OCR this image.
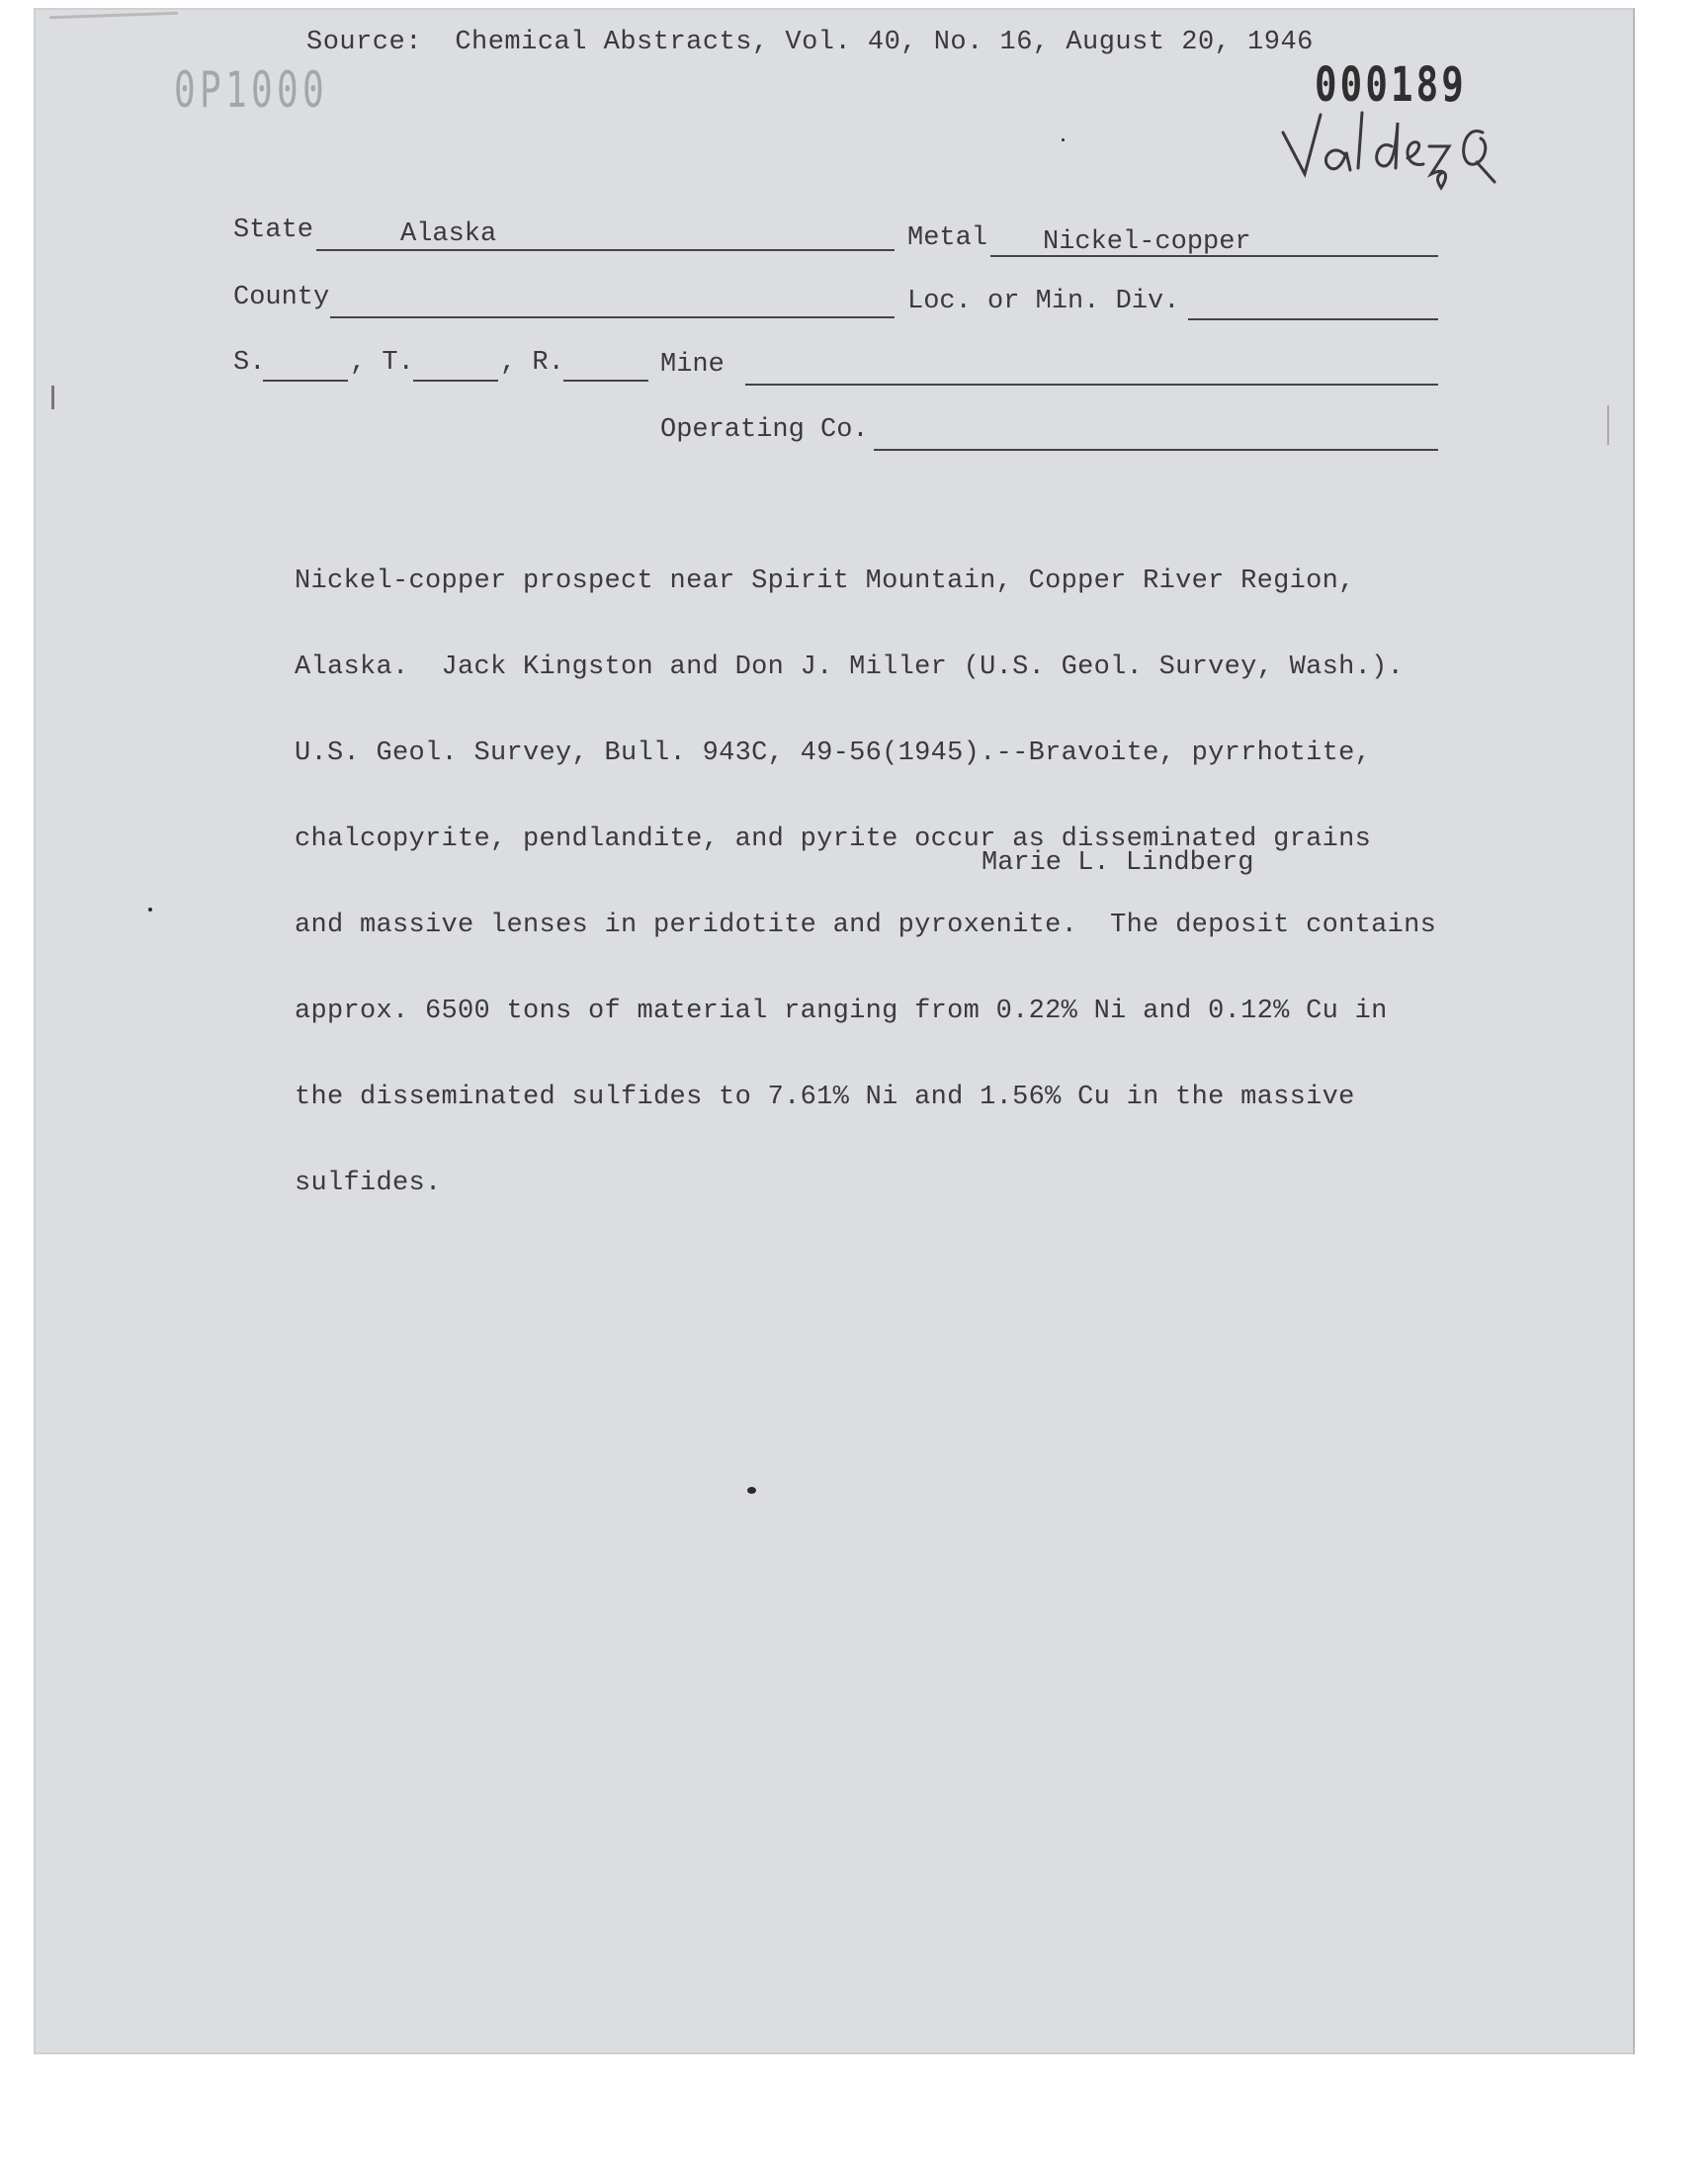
Source:  Chemical Abstracts, Vol. 40, No. 16, August 20, 1946
0P1000	000189
State	Alaska	Metal Nickel-copper
County	Loc. or Min. Div.
S.	, T.	, R.	Mine
Operating Co.

Nickel-copper prospect near Spirit Mountain, Copper River Region,

Alaska.  Jack Kingston and Don J. Miller (U.S. Geol. Survey, Wash.).

U.S. Geol. Survey, Bull. 943C, 49-56(1945).--Bravoite, pyrrhotite,

chalcopyrite, pendlandite, and pyrite occur as disseminated grains

and massive lenses in peridotite and pyroxenite.  The deposit contains

approx. 6500 tons of material ranging from 0.22% Ni and 0.12% Cu in

the disseminated sulfides to 7.61% Ni and 1.56% Cu in the massive

sulfides.

Marie L. Lindberg
